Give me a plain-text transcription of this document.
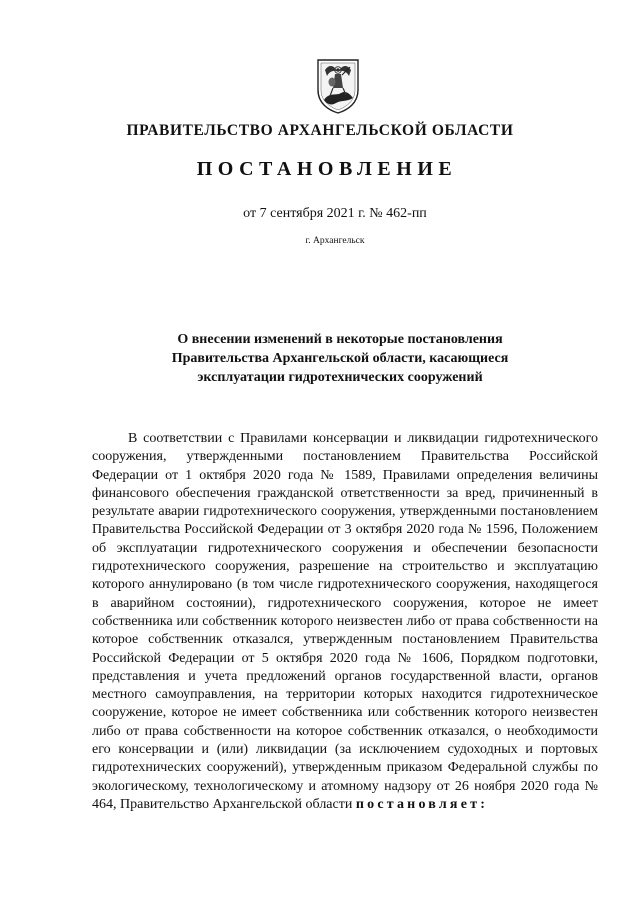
ПРАВИТЕЛЬСТВО АРХАНГЕЛЬСКОЙ ОБЛАСТИ
ПОСТАНОВЛЕНИЕ
от 7 сентября 2021 г. № 462-пп
г. Архангельск
О внесении изменений в некоторые постановления
Правительства Архангельской области, касающиеся
эксплуатации гидротехнических сооружений

В соответствии с Правилами консервации и ликвидации гидротехнического сооружения, утвержденными постановлением Правительства Российской Федерации от 1 октября 2020 года № 1589, Правилами определения величины финансового обеспечения гражданской ответственности за вред, причиненный в результате аварии гидротехнического сооружения, утвержденными постановлением Правительства Российской Федерации от 3 октября 2020 года № 1596, Положением об эксплуатации гидротехнического сооружения и обеспечении безопасности гидротехнического сооружения, разрешение на строительство и эксплуатацию которого аннулировано (в том числе гидротехнического сооружения, находящегося в аварийном состоянии), гидротехнического сооружения, которое не имеет собственника или собственник которого неизвестен либо от права собственности на которое собственник отказался, утвержденным постановлением Правительства Российской Федерации от 5 октября 2020 года № 1606, Порядком подготовки, представления и учета предложений органов государственной власти, органов местного самоуправления, на территории которых находится гидротехническое сооружение, которое не имеет собственника или собственник которого неизвестен либо от права собственности на которое собственник отказался, о необходимости его консервации и (или) ликвидации (за исключением судоходных и портовых гидротехнических сооружений), утвержденным приказом Федеральной службы по экологическому, технологическому и атомному надзору от 26 ноября 2020 года № 464, Правительство Архангельской области постановляет:
